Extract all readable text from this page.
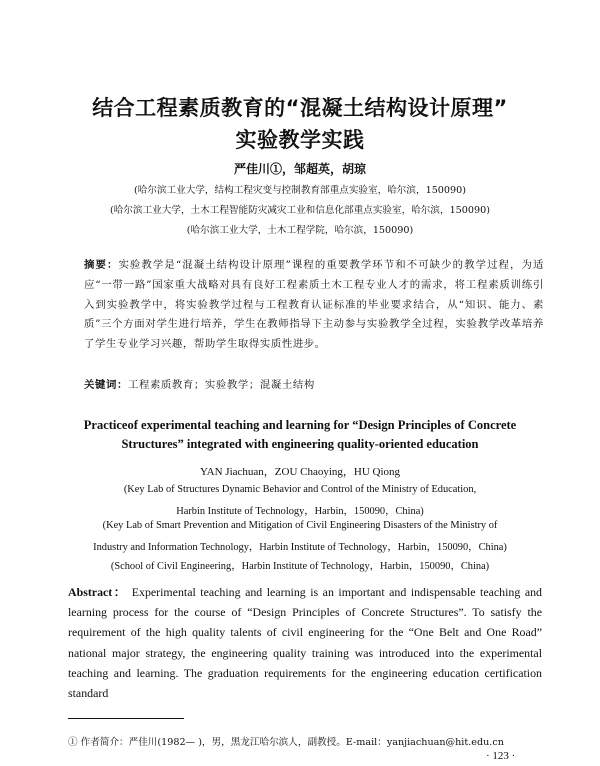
结合工程素质教育的“混凝土结构设计原理”
实验教学实践
严佳川①，邹超英，胡琼
(哈尔滨工业大学，结构工程灾变与控制教育部重点实验室，哈尔滨，150090)
(哈尔滨工业大学，土木工程智能防灾减灾工业和信息化部重点实验室，哈尔滨，150090)
(哈尔滨工业大学，土木工程学院，哈尔滨，150090)
摘要：实验教学是“混凝土结构设计原理”课程的重要教学环节和不可缺少的教学过程，为适应“一带一路”国家重大战略对具有良好工程素质土木工程专业人才的需求，将工程素质训练引入到实验教学中，将实验教学过程与工程教育认证标准的毕业要求结合，从“知识、能力、素质”三个方面对学生进行培养，学生在教师指导下主动参与实验教学全过程，实验教学改革培养了学生专业学习兴趣，帮助学生取得实质性进步。
关键词：工程素质教育；实验教学；混凝土结构
Practiceof experimental teaching and learning for “Design Principles of Concrete
Structures” integrated with engineering quality-oriented education
YAN Jiachuan，ZOU Chaoying，HU Qiong
(Key Lab of Structures Dynamic Behavior and Control of the Ministry of Education,
Harbin Institute of Technology，Harbin，150090，China)
(Key Lab of Smart Prevention and Mitigation of Civil Engineering Disasters of the Ministry of
Industry and Information Technology，Harbin Institute of Technology，Harbin，150090，China)
(School of Civil Engineering，Harbin Institute of Technology，Harbin，150090，China)
Abstract： Experimental teaching and learning is an important and indispensable teaching and learning process for the course of “Design Principles of Concrete Structures”. To satisfy the requirement of the high quality talents of civil engineering for the “One Belt and One Road” national major strategy, the engineering quality training was introduced into the experimental teaching and learning. The graduation requirements for the engineering education certification standard
① 作者简介：严佳川(1982— )，男，黑龙江哈尔滨人，副教授。E-mail：yanjiachuan@hit.edu.cn
· 123 ·
